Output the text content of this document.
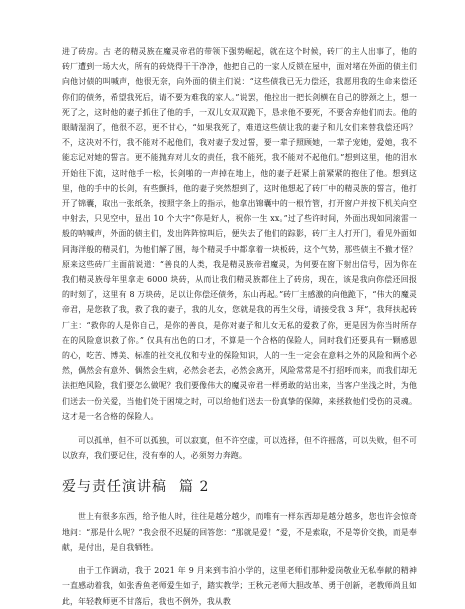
进了砖房。古 老的精灵族在魔灵帝君的带领下强势崛起，就在这个时候，砖厂的主人出事了，他的砖厂遭到一场大火，所有的砖烧得干干净净，他把自己的一家人反锁在屋中，面对堵在外面的债主们向他讨债的叫喊声，他很无奈，向外面的债主们说：“这些债我已无力偿还，我愿用我的生命来偿还你们的债务，希望我死后，请不要为难我的家人。”说罢，他拉出一把长剑横在自己的脖颈之上，想一死了之，这时他的妻子抓住了他的手，一双儿女双双跪下，恳求他不要死，不要舍弃他们而去。他的眼睛湿润了，他很不忍，更不甘心，“如果我死了，难道这些债让我的妻子和儿女们来替我偿还吗？不，这决对不行，我不能对不起他们，我对妻子发过誓，要一辈子照顾她，一辈子宠她，爱她，我不能忘记对她的誓言。更不能抛弃对儿女的责任，我不能死，我不能对不起他们。”想到这里，他的泪水开始往下流，这时他手一松，长剑啪的一声掉在地上，他的妻子赶紧上前紧紧的抱住了他。想到这里，他的手中的长剑，有些颤抖，他的妻子突然想到了，这时他想起了砖厂中的精灵族的誓言，他打开了锦囊，取出一张纸条，按照字条上的指示，他拿出锦囊中的一根竹管，打开窗户并按下机关向空中射去，只见空中，显出 10 个大字“你是好人，祝你一生 xx。”过了些许时间，外面出现如同滚雷一般的呐喊声，外面的债主们，发出阵阵惊叫后，便失去了他们的踪影，砖厂主人打开门，看见外面如同海洋般的精灵们，为他们解了围，每个精灵手中都拿着一块板砖，这个气势，那些债主不撤才怪？原来这些砖厂主面前说道：“善良的人类，我是精灵族帝君魔灵，为何要在窗下射出信号，因为你在我们精灵族母年里拿走 6000 块砖，从而让我们精灵族都住上了砖房，现在，该是我向你偿还回报的时刻了，这里有 8 万块砖，足以让你偿还债务，东山再起。”砖厂主感激的向他跪下，“伟大的魔灵帝君，是您救了我，救了我的妻子，我的儿女，您就是我的再生父母，请接受我 3 拜”，我拜扶起砖厂主：“救你的人是你自己，是你的善良，是你对妻子和儿女无私的爱救了你，更是因为你当时所存在的风险意识救了你。” 仅具有出色的口才，不算是一个合格的保险人，同时我们还要具有一颗感恩的心，吃苦、博美、标准的社交礼仪和专业的保险知识，人的一生一定会在意料之外的风险和两个必然，偶然会有意外、偶然会生病，必然会老去，必然会离开，风险常常是不打招呼而来，而我们却无法拒绝风险，我们要怎么做呢？我们要像伟大的魔灵帝君一样勇敢的站出来，当客户坐浅之时，为他们送去一份关爱，当他们处于困境之时，可以给他们送去一份真挚的保障，来拯救他们受伤的灵魂。 这才是一名合格的保险人。

可以孤单，但不可以孤独，可以寂寞，但不许空虚，可以选择，但不许摇落，可以失败，但不可以放弃，我们要记住，没有奉的人，必须努力奔跑。

爱与责任演讲稿 篇 2

世上有很多东西，给予他人时，往往是越分越少，而唯有一样东西却是越分越多，您也许会惊奇地问：“那是什么呢？”我会很不迟疑的回答您：“那就是爱！”爱，不是索取，不是等价交换，而是奉献，是付出，是自我牺牲。

由于工作调动，我于 2021 年 9 月来到韦泊小学的，这里老师们那种爱岗敬业无私奉献的精神一直感动着我，如张香鱼老师爱生如子，踏实教学；王秋元老师大胆改革、勇于创新，老教师尚且如此，年轻教师更不甘落后，我也不例外，我从教
